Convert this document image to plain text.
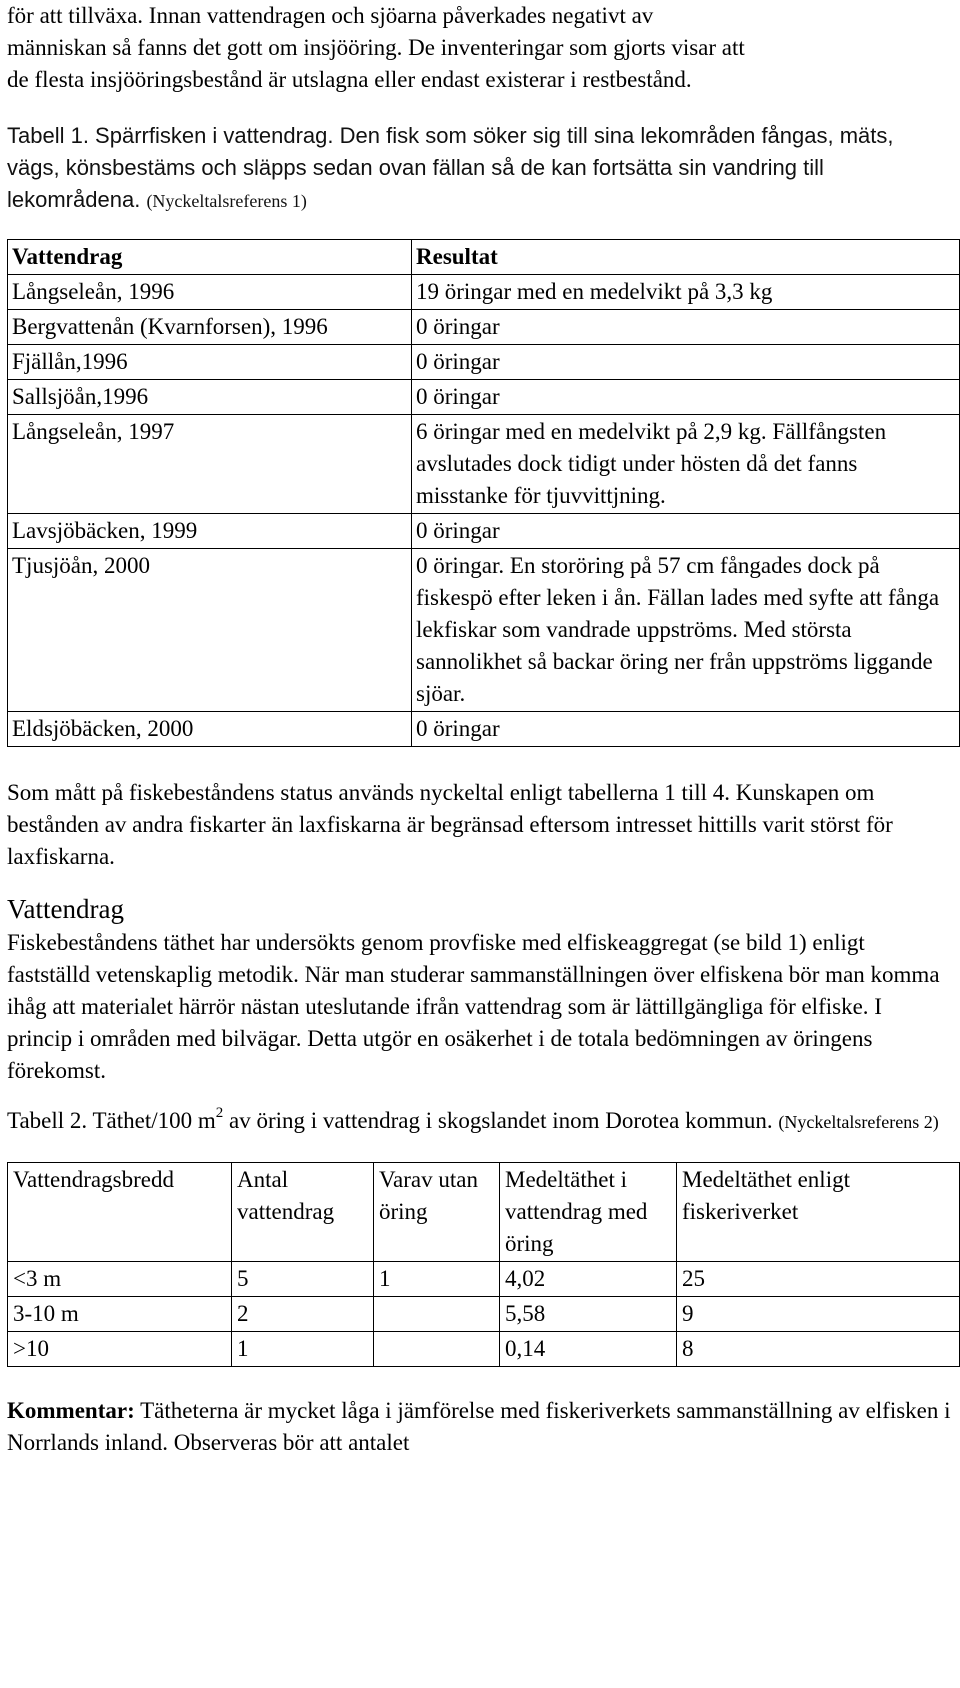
för att tillväxa. Innan vattendragen och sjöarna påverkades negativt av

människan så fanns det gott om insjööring. De inventeringar som gjorts visar att

de flesta insjööringsbestånd är utslagna eller endast existerar i restbestånd.

Tabell 1. Spärrfisken i vattendrag. Den fisk som söker sig till sina lekområden fångas, mäts, vägs, könsbestäms och släpps sedan ovan fällan så de kan fortsätta sin vandring till lekområdena. (Nyckeltalsreferens 1)

Vattendrag	Resultat
Långseleån, 1996	19 öringar med en medelvikt på 3,3 kg
Bergvattenån (Kvarnforsen), 1996	0 öringar
Fjällån,1996	0 öringar
Sallsjöån,1996	0 öringar
Långseleån, 1997	6 öringar med en medelvikt på 2,9 kg. Fällfångsten avslutades dock tidigt under hösten då det fanns misstanke för tjuvvittjning.
Lavsjöbäcken, 1999	0 öringar
Tjusjöån, 2000	0 öringar. En storöring på 57 cm fångades dock på fiskespö efter leken i ån. Fällan lades med syfte att fånga lekfiskar som vandrade uppströms. Med största sannolikhet så backar öring ner från uppströms liggande sjöar.
Eldsjöbäcken, 2000	0 öringar

Som mått på fiskebeståndens status används nyckeltal enligt tabellerna 1 till 4. Kunskapen om bestånden av andra fiskarter än laxfiskarna är begränsad eftersom intresset hittills varit störst för laxfiskarna.

Vattendrag

Fiskebeståndens täthet har undersökts genom provfiske med elfiskeaggregat (se bild 1) enligt fastställd vetenskaplig metodik. När man studerar sammanställningen över elfiskena bör man komma ihåg att materialet härrör nästan uteslutande ifrån vattendrag som är lättillgängliga för elfiske. I princip i områden med bilvägar. Detta utgör en osäkerhet i de totala bedömningen av öringens förekomst.

Tabell 2. Täthet/100 $m^2$ av öring i vattendrag i skogslandet inom Dorotea kommun. (Nyckeltalsreferens 2)

Vattendragsbredd	Antal vattendrag	Varav utan öring	Medeltäthet i vattendrag med öring	Medeltäthet enligt fiskeriverket
<3 m	5	1	4,02	25
3-10 m	2		5,58	9
>10	1		0,14	8

Kommentar: Tätheterna är mycket låga i jämförelse med fiskeriverkets sammanställning av elfisken i Norrlands inland. Observeras bör att antalet
